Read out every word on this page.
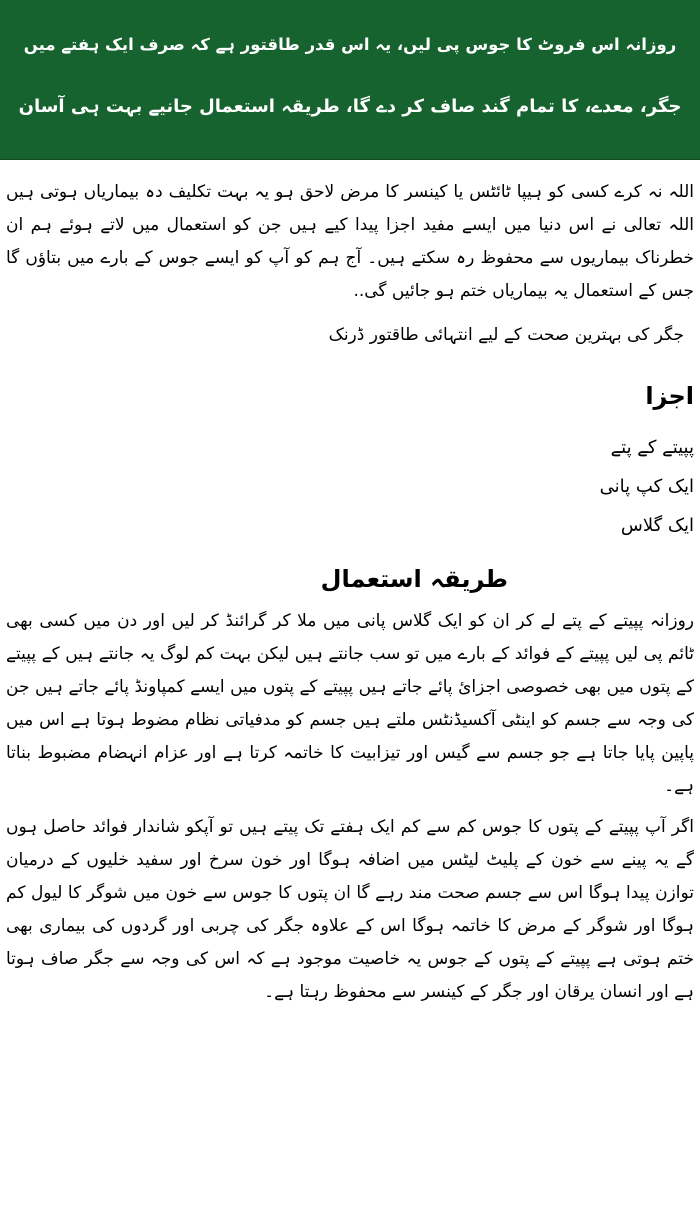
روزانہ اس فروٹ کا جوس پی لیں، یہ اس قدر طاقتور ہے کہ صرف ایک ہفتے میں
جگر، معدے، کا تمام گند صاف کر دے گا، طریقہ استعمال جانیے بہت ہی آسان

اللہ نہ کرے کسی کو ہیپا ٹائٹس یا کینسر کا مرض لاحق ہو یہ بہت تکلیف دہ بیماریاں ہوتی ہیں اللہ تعالی نے اس دنیا میں ایسے مفید اجزا پیدا کیے ہیں جن کو استعمال میں لاتے ہوئے ہم ان خطرناک بیماریوں سے محفوظ رہ سکتے ہیں۔ آج ہم کو آپ کو ایسے جوس کے بارے میں بتاؤں گا جس کے استعمال یہ بیماریاں ختم ہو جائیں گی..

جگر کی بہترین صحت کے لیے انتہائی طاقتور ڈرنک

اجزا
پپیتے کے پتے
ایک کپ پانی
ایک گلاس
طریقہ استعمال

روزانہ پپیتے کے پتے لے کر ان کو ایک گلاس پانی میں ملا کر گرائنڈ کر لیں اور دن میں کسی بھی ٹائم پی لیں پپیتے کے فوائد کے بارے میں تو سب جانتے ہیں لیکن بہت کم لوگ یہ جانتے ہیں کے پپیتے کے پتوں میں بھی خصوصی اجزائ پائے جاتے ہیں پپیتے کے پتوں میں ایسے کمپاونڈ پائے جاتے ہیں جن کی وجہ سے جسم کو اینٹی آکسیڈنٹس ملتے ہیں جسم کو مدفیاتی نظام مضوط ہوتا ہے اس میں پاپین پایا جاتا ہے جو جسم سے گیس اور تیزابیت کا خاتمہ کرتا ہے اور عزام انہضام مضبوط بناتا ہے۔

اگر آپ پپیتے کے پتوں کا جوس کم سے کم ایک ہفتے تک پیتے ہیں تو آپکو شاندار فوائد حاصل ہوں گے یہ پینے سے خون کے پلیٹ لیٹس میں اضافہ ہوگا اور خون سرخ اور سفید خلیوں کے درمیان توازن پیدا ہوگا اس سے جسم صحت مند رہے گا ان پتوں کا جوس سے خون میں شوگر کا لیول کم ہوگا اور شوگر کے مرض کا خاتمہ ہوگا اس کے علاوہ جگر کی چربی اور گردوں کی بیماری بھی ختم ہوتی ہے پپیتے کے پتوں کے جوس یہ خاصیت موجود ہے کہ اس کی وجہ سے جگر صاف ہوتا ہے اور انسان یرقان اور جگر کے کینسر سے محفوظ رہتا ہے۔
